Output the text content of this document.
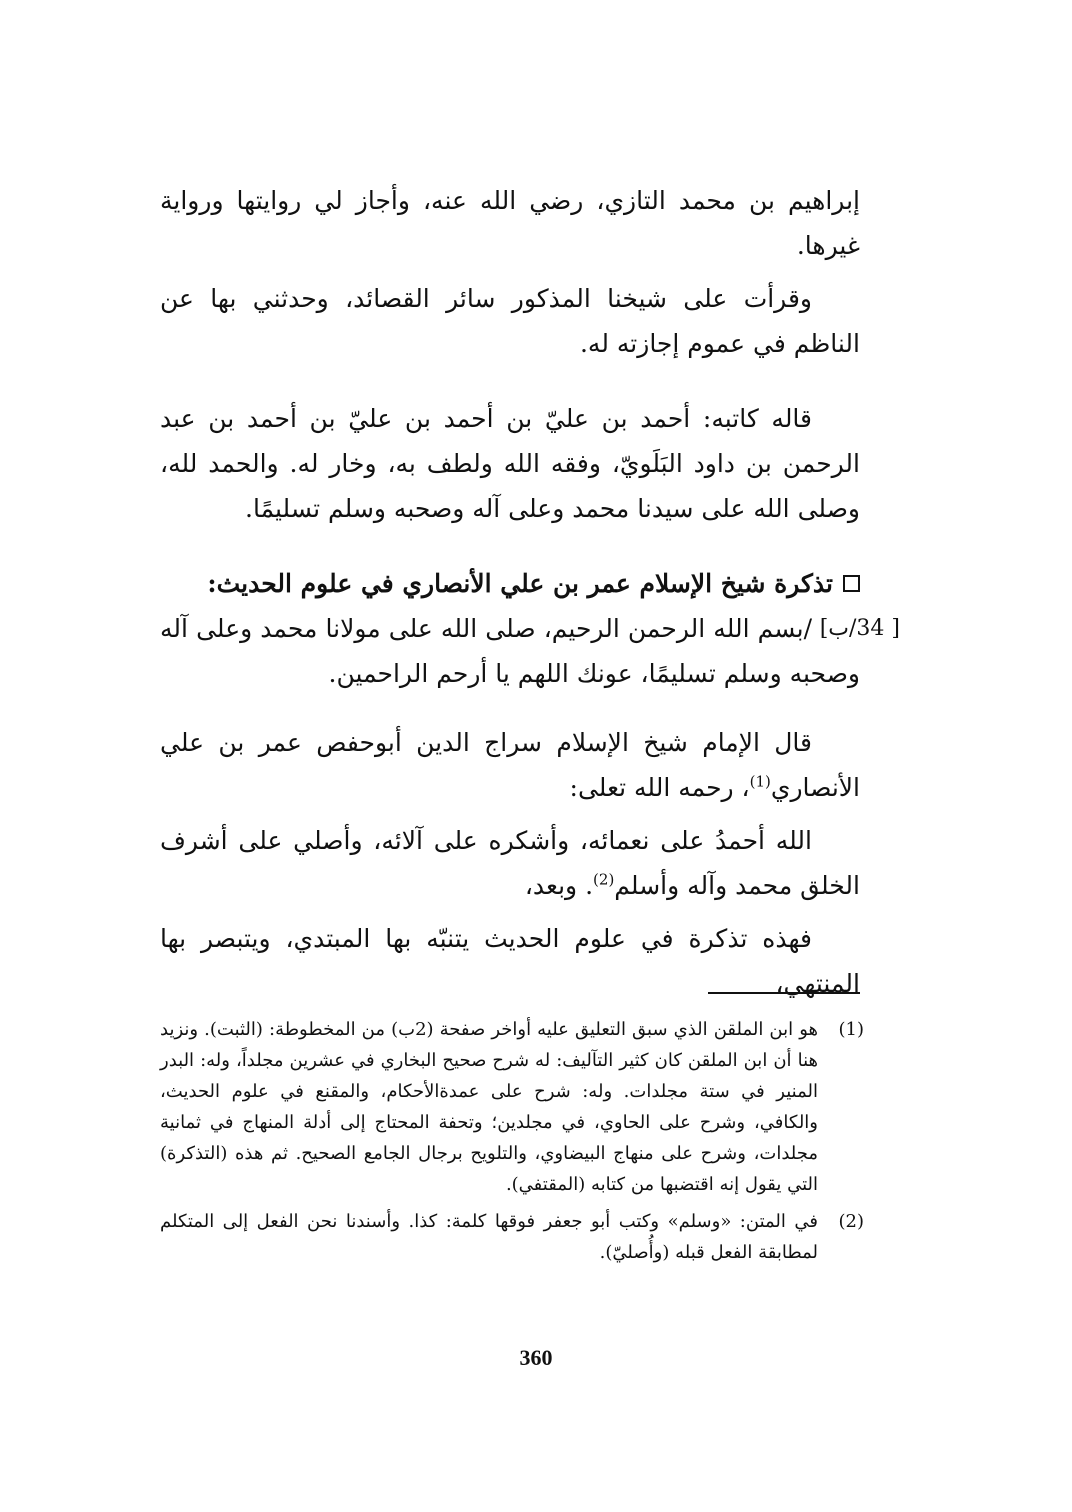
إبراهيم بن محمد التازي، رضي الله عنه، وأجاز لي روايتها ورواية غيرها.

وقرأت على شيخنا المذكور سائر القصائد، وحدثني بها عن الناظم في عموم إجازته له.

قاله كاتبه: أحمد بن عليّ بن أحمد بن عليّ بن أحمد بن عبد الرحمن بن داود البَلَويّ، وفقه الله ولطف به، وخار له. والحمد لله، وصلى الله على سيدنا محمد وعلى آله وصحبه وسلم تسليمًا.

تذكرة شيخ الإسلام عمر بن علي الأنصاري في علوم الحديث:

[ 34/ب]
/بسم الله الرحمن الرحيم، صلى الله على مولانا محمد وعلى آله وصحبه وسلم تسليمًا، عونك اللهم يا أرحم الراحمين.

قال الإمام شيخ الإسلام سراج الدين أبوحفص عمر بن علي الأنصاري$^{(1)}$، رحمه الله تعلى:

الله أحمدُ على نعمائه، وأشكره على آلائه، وأصلي على أشرف الخلق محمد وآله وأسلم$^{(2)}$. وبعد،

فهذه تذكرة في علوم الحديث يتنبّه بها المبتدي، ويتبصر بها المنتهي،

(1)
هو ابن الملقن الذي سبق التعليق عليه أواخر صفحة (2ب) من المخطوطة: (الثبت). ونزيد هنا أن ابن الملقن كان كثير التآليف: له شرح صحيح البخاري في عشرين مجلداً، وله: البدر المنير في ستة مجلدات. وله: شرح على عمدةالأحكام، والمقنع في علوم الحديث، والكافي، وشرح على الحاوي، في مجلدين؛ وتحفة المحتاج إلى أدلة المنهاج في ثمانية مجلدات، وشرح على منهاج البيضاوي، والتلويح برجال الجامع الصحيح. ثم هذه (التذكرة) التي يقول إنه اقتضبها من كتابه (المقتفي).
(2)
في المتن: «وسلم» وكتب أبو جعفر فوقها كلمة: كذا. وأسندنا نحن الفعل إلى المتكلم لمطابقة الفعل قبله (وأُصليّ).
360
